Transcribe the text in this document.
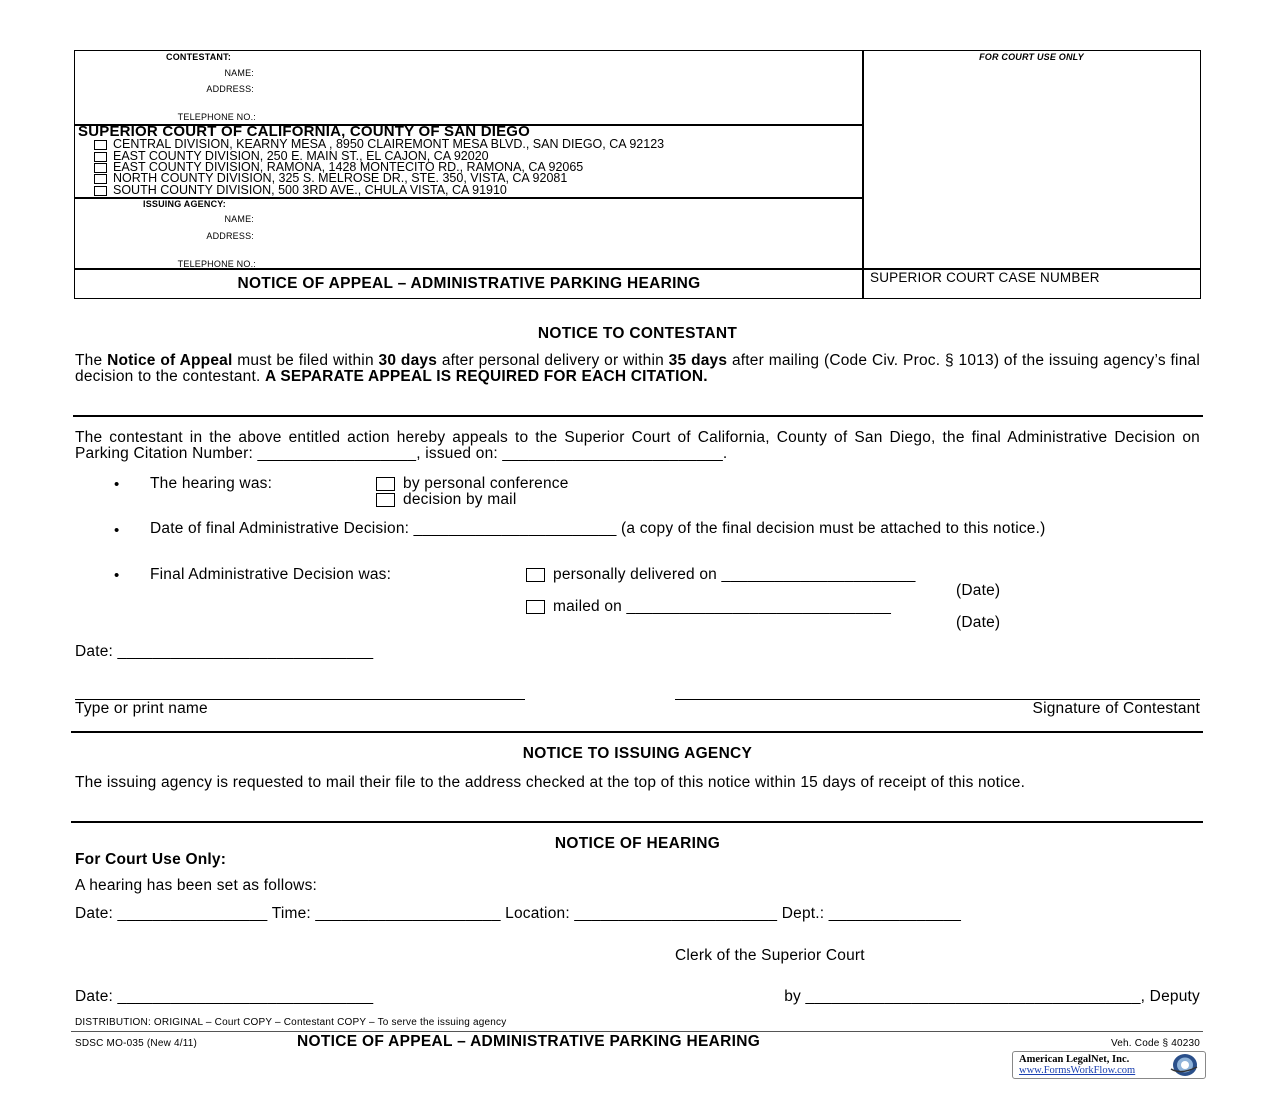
CONTESTANT:
NAME:
ADDRESS:
TELEPHONE NO.:
FOR COURT USE ONLY
SUPERIOR COURT OF CALIFORNIA, COUNTY OF SAN DIEGO
CENTRAL DIVISION, KEARNY MESA , 8950 CLAIREMONT MESA BLVD., SAN DIEGO, CA 92123
EAST COUNTY DIVISION, 250 E. MAIN ST., EL CAJON, CA 92020
EAST COUNTY DIVISION, RAMONA, 1428 MONTECITO RD., RAMONA, CA 92065
NORTH COUNTY DIVISION, 325 S. MELROSE DR., STE. 350, VISTA, CA 92081
SOUTH COUNTY DIVISION, 500 3RD AVE., CHULA VISTA, CA 91910
ISSUING AGENCY:
NAME:
ADDRESS:
TELEPHONE NO.:
NOTICE OF APPEAL – ADMINISTRATIVE PARKING HEARING	SUPERIOR COURT CASE NUMBER
NOTICE TO CONTESTANT
The Notice of Appeal must be filed within 30 days after personal delivery or within 35 days after mailing (Code Civ. Proc. § 1013) of the issuing agency’s final decision to the contestant. A SEPARATE APPEAL IS REQUIRED FOR EACH CITATION.
The contestant in the above entitled action hereby appeals to the Superior Court of California, County of San Diego, the final Administrative Decision on Parking Citation Number: __________________, issued on: _________________________.
• The hearing was:	by personal conference
decision by mail
• Date of final Administrative Decision: _______________________ (a copy of the final decision must be attached to this notice.)
• Final Administrative Decision was:	personally delivered on ______________________
(Date)
mailed on ______________________________
(Date)
Date: _____________________________
Type or print name	Signature of Contestant
NOTICE TO ISSUING AGENCY
The issuing agency is requested to mail their file to the address checked at the top of this notice within 15 days of receipt of this notice.
NOTICE OF HEARING
For Court Use Only:
A hearing has been set as follows:
Date: _________________ Time: _____________________ Location: _______________________ Dept.: _______________
Clerk of the Superior Court
Date: _____________________________	by ______________________________________, Deputy
DISTRIBUTION: ORIGINAL – Court COPY – Contestant COPY – To serve the issuing agency
SDSC MO-035 (New 4/11)	NOTICE OF APPEAL – ADMINISTRATIVE PARKING HEARING	Veh. Code § 40230
American LegalNet, Inc.
www.FormsWorkFlow.com
